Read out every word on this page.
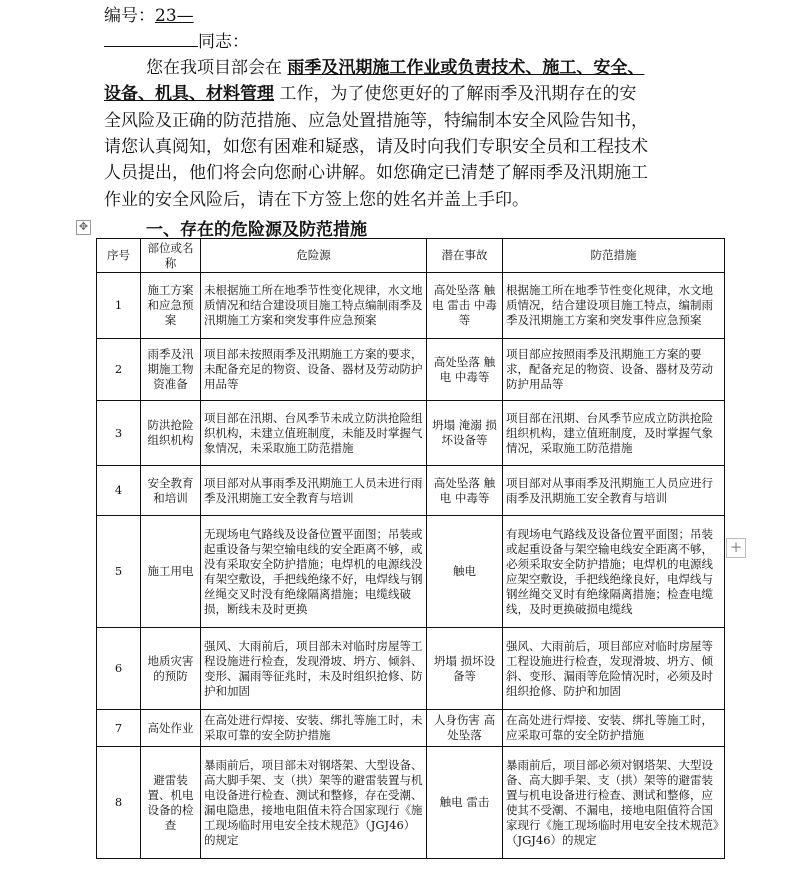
编号：23—
同志：
您在我项目部会在 雨季及汛期施工作业或负责技术、施工、安全、
设备、机具、材料管理 工作，为了使您更好的了解雨季及汛期存在的安
全风险及正确的防范措施、应急处置措施等，特编制本安全风险告知书，
请您认真阅知，如您有困难和疑惑，请及时向我们专职安全员和工程技术
人员提出，他们将会向您耐心讲解。如您确定已清楚了解雨季及汛期施工
作业的安全风险后，请在下方签上您的姓名并盖上手印。
✥	一、存在的危险源及防范措施
序号	部位或名称	危险源	潜在事故	防范措施
1	施工方案和应急预案	未根据施工所在地季节性变化规律，水文地质情况和结合建设项目施工特点编制雨季及汛期施工方案和突发事件应急预案	高处坠落 触电 雷击 中毒等	根据施工所在地季节性变化规律，水文地质情况，结合建设项目施工特点，编制雨季及汛期施工方案和突发事件应急预案
2	雨季及汛期施工物资准备	项目部未按照雨季及汛期施工方案的要求，未配备充足的物资、设备、器材及劳动防护用品等	高处坠落 触电 中毒等	项目部应按照雨季及汛期施工方案的要求，配备充足的物资、设备、器材及劳动防护用品等
3	防洪抢险组织机构	项目部在汛期、台风季节未成立防洪抢险组织机构，未建立值班制度，未能及时掌握气象情况，未采取施工防范措施	坍塌 淹溺 损坏设备等	项目部在汛期、台风季节应成立防洪抢险组织机构，建立值班制度，及时掌握气象情况，采取施工防范措施
4	安全教育和培训	项目部对从事雨季及汛期施工人员未进行雨季及汛期施工安全教育与培训	高处坠落 触电 中毒等	项目部对从事雨季及汛期施工人员应进行雨季及汛期施工安全教育与培训
5	施工用电	无现场电气路线及设备位置平面图；吊装或起重设备与架空输电线的安全距离不够，或没有采取安全防护措施；电焊机的电源线没有架空敷设，手把线绝缘不好，电焊线与钢丝绳交叉时没有绝缘隔离措施；电缆线破损，断线未及时更换	触电	有现场电气路线及设备位置平面图；吊装或起重设备与架空输电线安全距离不够，必须采取安全防护措施；电焊机的电源线应架空敷设，手把线绝缘良好，电焊线与钢丝绳交叉时有绝缘隔离措施；检查电缆线，及时更换破损电缆线
6	地质灾害的预防	强风、大雨前后，项目部未对临时房屋等工程设施进行检查，发现滑坡、坍方、倾斜、变形、漏雨等征兆时，未及时组织抢修、防护和加固	坍塌 损坏设备等	强风、大雨前后，项目部应对临时房屋等工程设施进行检查，发现滑坡、坍方、倾斜、变形、漏雨等危险情况时，必须及时组织抢修、防护和加固
7	高处作业	在高处进行焊接、安装、绑扎等施工时，未采取可靠的安全防护措施	人身伤害 高处坠落	在高处进行焊接、安装、绑扎等施工时，应采取可靠的安全防护措施
8	避雷装置、机电设备的检查	暴雨前后，项目部未对钢塔架、大型设备、高大脚手架、支（拱）架等的避雷装置与机电设备进行检查、测试和整修，存在受潮、漏电隐患，接地电阻值未符合国家现行《施工现场临时用电安全技术规范》（JGJ46）的规定	触电 雷击	暴雨前后，项目部必须对钢塔架、大型设备、高大脚手架、支（拱）架等的避雷装置与机电设备进行检查、测试和整修，应使其不受潮、不漏电，接地电阻值符合国家现行《施工现场临时用电安全技术规范》（JGJ46）的规定
+
